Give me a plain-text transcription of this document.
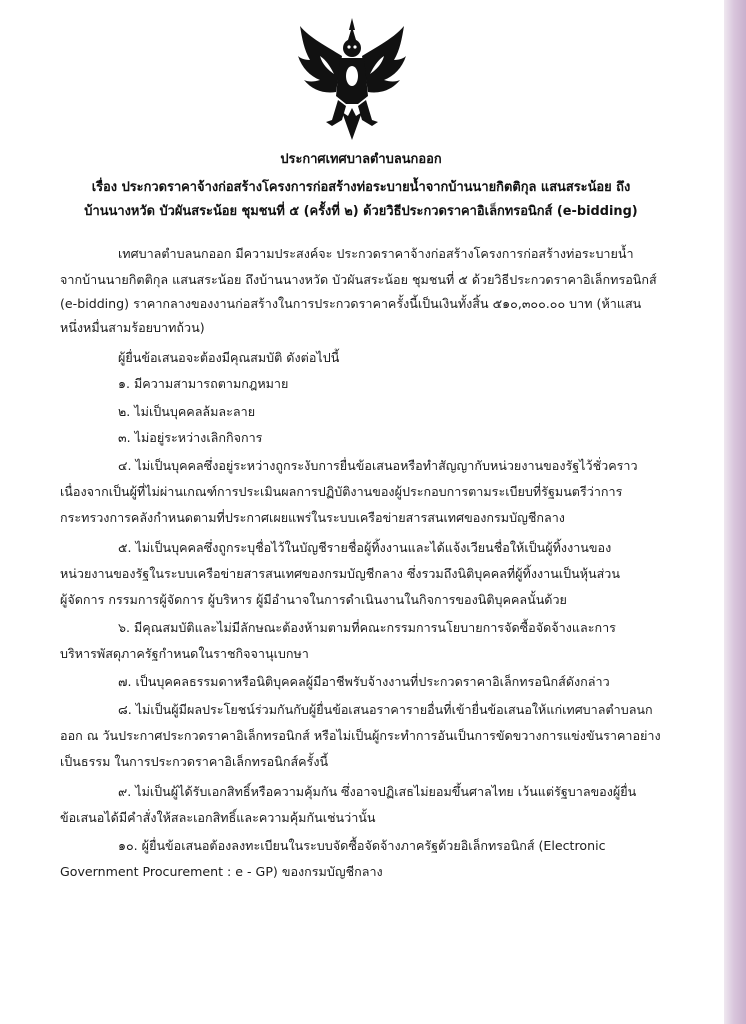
ประกาศเทศบาลตำบลนกออก
เรื่อง ประกวดราคาจ้างก่อสร้างโครงการก่อสร้างท่อระบายน้ำจากบ้านนายกิตติกุล แสนสระน้อย ถึง
บ้านนางหวัด บัวผันสระน้อย ชุมชนที่ ๕ (ครั้งที่ ๒) ด้วยวิธีประกวดราคาอิเล็กทรอนิกส์ (e-bidding)
เทศบาลตำบลนกออก มีความประสงค์จะ ประกวดราคาจ้างก่อสร้างโครงการก่อสร้างท่อระบายน้ำ
จากบ้านนายกิตติกุล แสนสระน้อย ถึงบ้านนางหวัด บัวผันสระน้อย ชุมชนที่ ๕ ด้วยวิธีประกวดราคาอิเล็กทรอนิกส์
(e-bidding) ราคากลางของงานก่อสร้างในการประกวดราคาครั้งนี้เป็นเงินทั้งสิ้น ๕๑๐,๓๐๐.๐๐ บาท (ห้าแสน
หนึ่งหมื่นสามร้อยบาทถ้วน)
ผู้ยื่นข้อเสนอจะต้องมีคุณสมบัติ ดังต่อไปนี้
๑. มีความสามารถตามกฎหมาย
๒. ไม่เป็นบุคคลล้มละลาย
๓. ไม่อยู่ระหว่างเลิกกิจการ
๔. ไม่เป็นบุคคลซึ่งอยู่ระหว่างถูกระงับการยื่นข้อเสนอหรือทำสัญญากับหน่วยงานของรัฐไว้ชั่วคราว
เนื่องจากเป็นผู้ที่ไม่ผ่านเกณฑ์การประเมินผลการปฏิบัติงานของผู้ประกอบการตามระเบียบที่รัฐมนตรีว่าการ
กระทรวงการคลังกำหนดตามที่ประกาศเผยแพร่ในระบบเครือข่ายสารสนเทศของกรมบัญชีกลาง
๕. ไม่เป็นบุคคลซึ่งถูกระบุชื่อไว้ในบัญชีรายชื่อผู้ทิ้งงานและได้แจ้งเวียนชื่อให้เป็นผู้ทิ้งงานของ
หน่วยงานของรัฐในระบบเครือข่ายสารสนเทศของกรมบัญชีกลาง ซึ่งรวมถึงนิติบุคคลที่ผู้ทิ้งงานเป็นหุ้นส่วน
ผู้จัดการ กรรมการผู้จัดการ ผู้บริหาร ผู้มีอำนาจในการดำเนินงานในกิจการของนิติบุคคลนั้นด้วย
๖. มีคุณสมบัติและไม่มีลักษณะต้องห้ามตามที่คณะกรรมการนโยบายการจัดซื้อจัดจ้างและการ
บริหารพัสดุภาครัฐกำหนดในราชกิจจานุเบกษา
๗. เป็นบุคคลธรรมดาหรือนิติบุคคลผู้มีอาชีพรับจ้างงานที่ประกวดราคาอิเล็กทรอนิกส์ดังกล่าว
๘. ไม่เป็นผู้มีผลประโยชน์ร่วมกันกับผู้ยื่นข้อเสนอราคารายอื่นที่เข้ายื่นข้อเสนอให้แก่เทศบาลตำบลนก
ออก ณ วันประกาศประกวดราคาอิเล็กทรอนิกส์ หรือไม่เป็นผู้กระทำการอันเป็นการขัดขวางการแข่งขันราคาอย่าง
เป็นธรรม ในการประกวดราคาอิเล็กทรอนิกส์ครั้งนี้
๙. ไม่เป็นผู้ได้รับเอกสิทธิ์หรือความคุ้มกัน ซึ่งอาจปฏิเสธไม่ยอมขึ้นศาลไทย เว้นแต่รัฐบาลของผู้ยื่น
ข้อเสนอได้มีคำสั่งให้สละเอกสิทธิ์และความคุ้มกันเช่นว่านั้น
๑๐. ผู้ยื่นข้อเสนอต้องลงทะเบียนในระบบจัดซื้อจัดจ้างภาครัฐด้วยอิเล็กทรอนิกส์ (Electronic
Government Procurement : e - GP) ของกรมบัญชีกลาง
